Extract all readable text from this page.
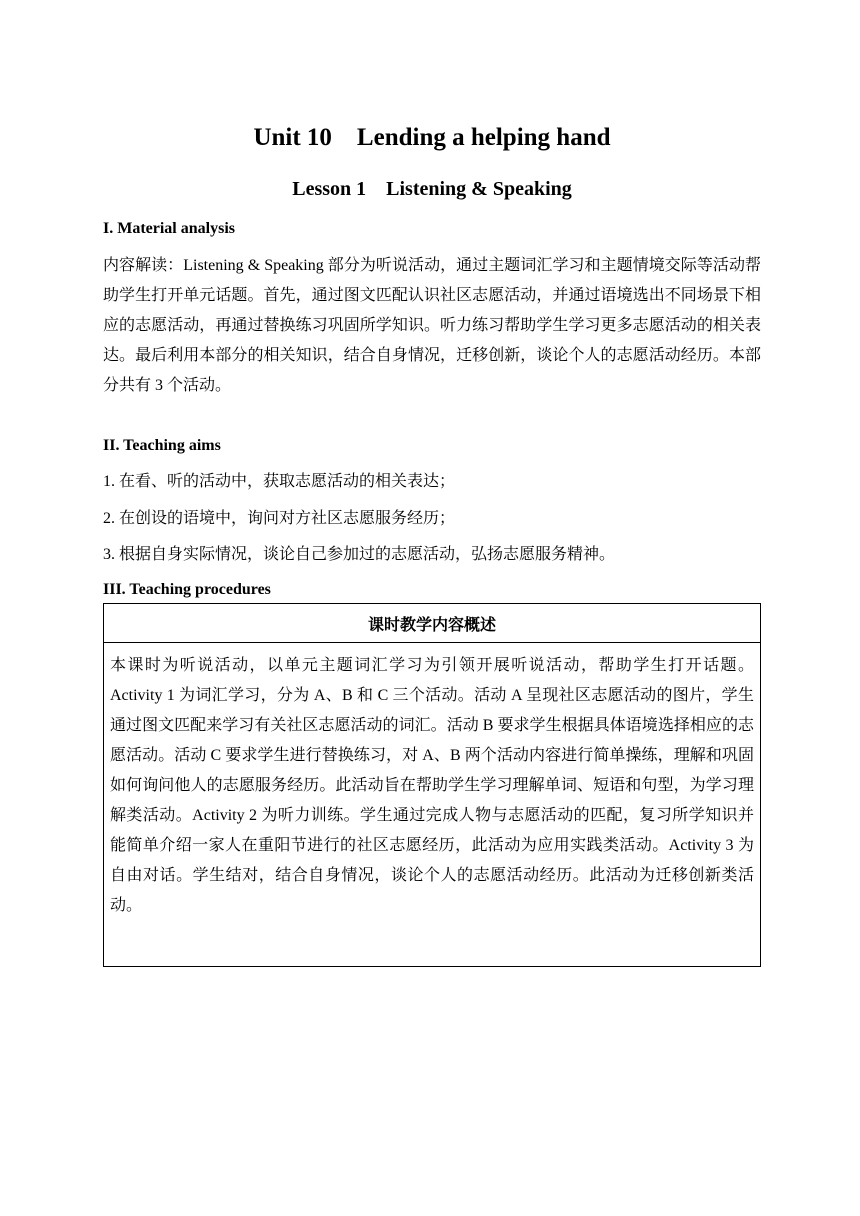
Unit 10    Lending a helping hand
Lesson 1    Listening & Speaking
I. Material analysis
内容解读：Listening & Speaking 部分为听说活动，通过主题词汇学习和主题情境交际等活动帮助学生打开单元话题。首先，通过图文匹配认识社区志愿活动，并通过语境选出不同场景下相应的志愿活动，再通过替换练习巩固所学知识。听力练习帮助学生学习更多志愿活动的相关表达。最后利用本部分的相关知识，结合自身情况，迁移创新，谈论个人的志愿活动经历。本部分共有 3 个活动。
II. Teaching aims
1. 在看、听的活动中，获取志愿活动的相关表达；
2. 在创设的语境中，询问对方社区志愿服务经历；
3. 根据自身实际情况，谈论自己参加过的志愿活动，弘扬志愿服务精神。
III. Teaching procedures
课时教学内容概述
本课时为听说活动，以单元主题词汇学习为引领开展听说活动，帮助学生打开话题。Activity 1 为词汇学习，分为 A、B 和 C 三个活动。活动 A 呈现社区志愿活动的图片，学生通过图文匹配来学习有关社区志愿活动的词汇。活动 B 要求学生根据具体语境选择相应的志愿活动。活动 C 要求学生进行替换练习，对 A、B 两个活动内容进行简单操练，理解和巩固如何询问他人的志愿服务经历。此活动旨在帮助学生学习理解单词、短语和句型，为学习理解类活动。Activity 2 为听力训练。学生通过完成人物与志愿活动的匹配，复习所学知识并能简单介绍一家人在重阳节进行的社区志愿经历，此活动为应用实践类活动。Activity 3 为自由对话。学生结对，结合自身情况，谈论个人的志愿活动经历。此活动为迁移创新类活动。
